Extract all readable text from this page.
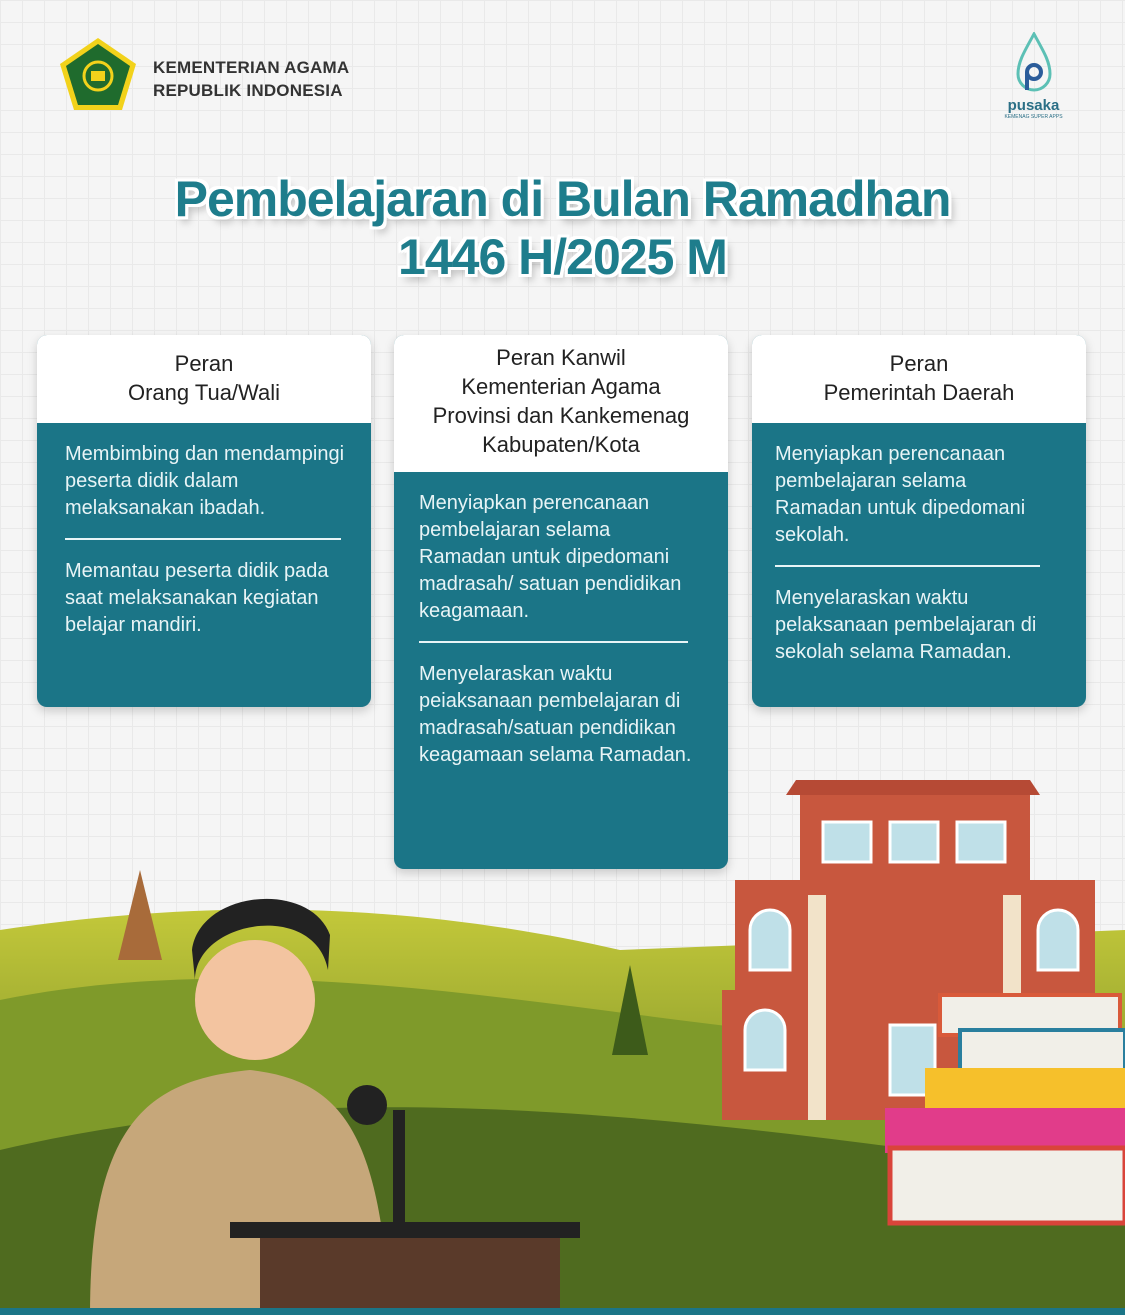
KEMENTERIAN AGAMA
REPUBLIK INDONESIA
pusaka
KEMENAG SUPER APPS
Pembelajaran di Bulan Ramadhan
1446 H/2025 M
Peran
Orang Tua/Wali

Membimbing dan mendampingi peserta didik dalam melaksanakan ibadah.

Memantau peserta didik pada saat melaksanakan kegiatan belajar mandiri.

Peran Kanwil
Kementerian Agama
Provinsi dan Kankemenag
Kabupaten/Kota

Menyiapkan perencanaan pembelajaran selama Ramadan untuk dipedomani madrasah/ satuan pendidikan keagamaan.

Menyelaraskan waktu peiaksanaan pembelajaran di madrasah/satuan pendidikan keagamaan selama Ramadan.

Peran
Pemerintah Daerah

Menyiapkan perencanaan pembelajaran selama Ramadan untuk dipedomani sekolah.

Menyelaraskan waktu pelaksanaan pembelajaran di sekolah selama Ramadan.
